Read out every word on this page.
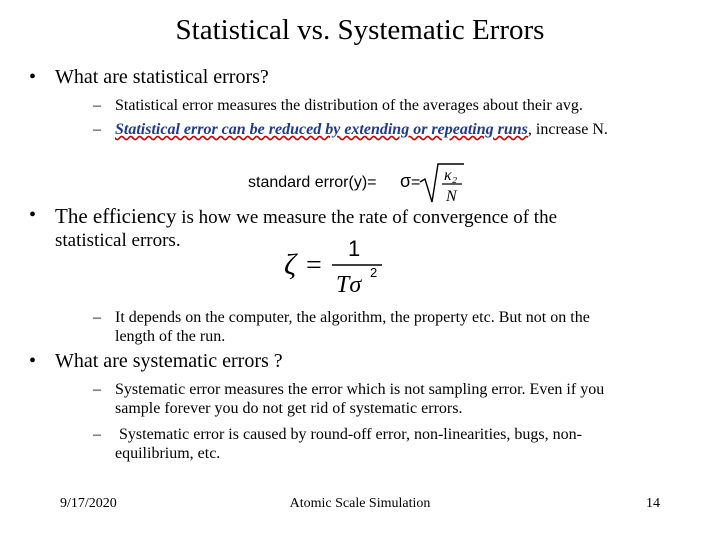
Statistical vs. Systematic Errors
• What are statistical errors?
– Statistical error measures the distribution of the averages about their avg.
– Statistical error can be reduced by extending or repeating runs, increase N.
standard error(y)= σ = κ₂
N
• The efficiency is how we measure the rate of convergence of the
statistical errors.
ζ =
1
Tσ 2
– It depends on the computer, the algorithm, the property etc. But not on the
length of the run.
• What are systematic errors ?
– Systematic error measures the error which is not sampling error. Even if you
sample forever you do not get rid of systematic errors.
– Systematic error is caused by round-off error, non-linearities, bugs, non-
equilibrium, etc.
9/17/2020	Atomic Scale Simulation	14
